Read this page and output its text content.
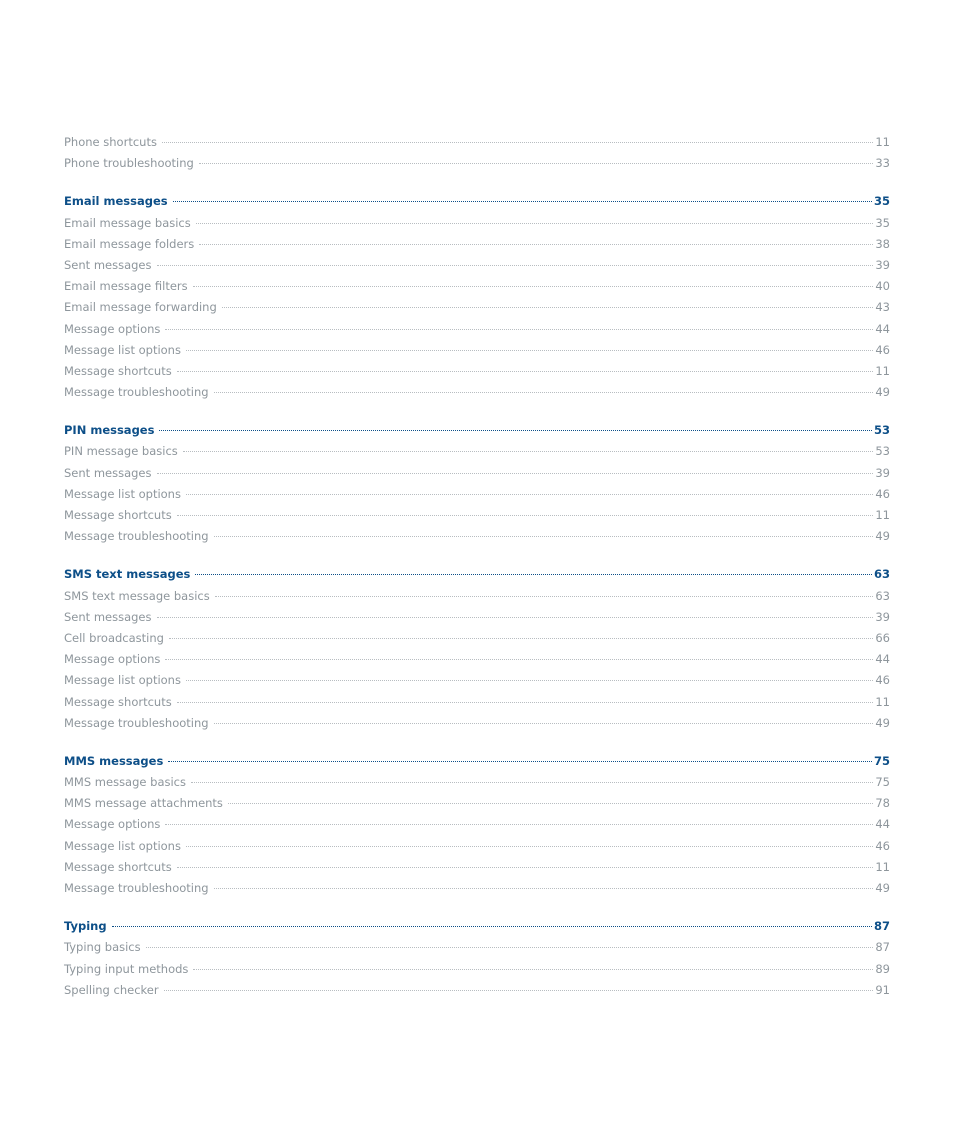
Phone shortcuts	11
Phone troubleshooting	33
Email messages	35
Email message basics	35
Email message folders	38
Sent messages	39
Email message filters	40
Email message forwarding	43
Message options	44
Message list options	46
Message shortcuts	11
Message troubleshooting	49
PIN messages	53
PIN message basics	53
Sent messages	39
Message list options	46
Message shortcuts	11
Message troubleshooting	49
SMS text messages	63
SMS text message basics	63
Sent messages	39
Cell broadcasting	66
Message options	44
Message list options	46
Message shortcuts	11
Message troubleshooting	49
MMS messages	75
MMS message basics	75
MMS message attachments	78
Message options	44
Message list options	46
Message shortcuts	11
Message troubleshooting	49
Typing	87
Typing basics	87
Typing input methods	89
Spelling checker	91
